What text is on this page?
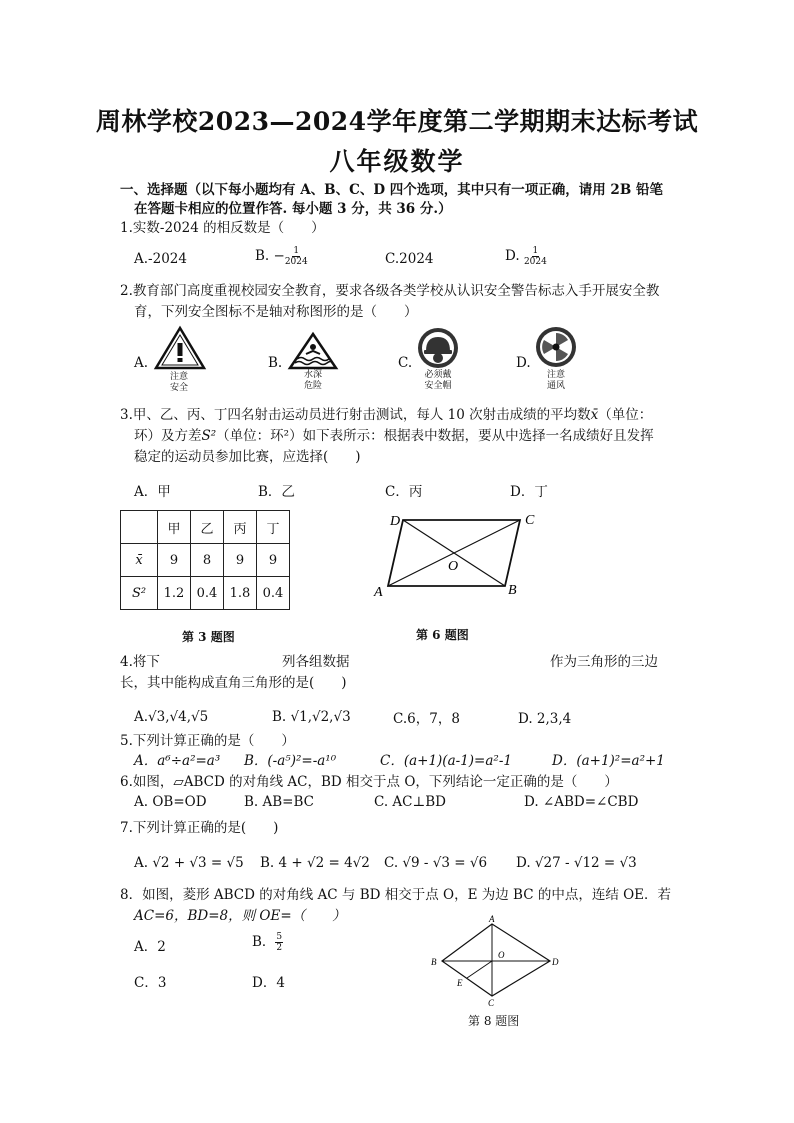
周林学校2023—2024学年度第二学期期末达标考试
八年级数学
一、选择题（以下每小题均有 A、B、C、D 四个选项，其中只有一项正确，请用 2B 铅笔
在答题卡相应的位置作答. 每小题 3 分，共 36 分.）
1.实数-2024 的相反数是（　　）
A.-2024	B. − $\frac{1}{2024}$	C.2024	D. $\frac{1}{2024}$
2.教育部门高度重视校园安全教育，要求各级各类学校从认识安全警告标志入手开展安全教
育，下列安全图标不是轴对称图形的是（　　）
A.
注意
安全
B.
水深
危险
C.
必须戴
安全帽
D.
注意
通风
3.甲、乙、丙、丁四名射击运动员进行射击测试，每人 10 次射击成绩的平均数x̄（单位：
环）及方差S²（单位：环²）如下表所示：根据表中数据，要从中选择一名成绩好且发挥
稳定的运动员参加比赛，应选择(　　)
A．甲	B．乙	C．丙	D．丁
	甲	乙	丙	丁
x̄	9	8	9	9
S²	1.2	0.4	1.8	0.4
第 3 题图
D	C
O
A	B
第 6 题图
4.将下	列各组数据	作为三角形的三边
长，其中能构成直角三角形的是(　　)
A.√3,√4,√5	B. √1,√2,√3	C.6，7，8	D. 2,3,4
5.下列计算正确的是（　　）
A．a⁶÷a²=a³ B．(-a⁵)²=-a¹⁰	C．(a+1)(a-1)=a²-1	D．(a+1)²=a²+1
6.如图，▱ABCD 的对角线 AC，BD 相交于点 O，下列结论一定正确的是（　　）
A. OB=OD	B. AB=BC	C. AC⊥BD	D. ∠ABD=∠CBD
7.下列计算正确的是(　　)
A. √2 + √3 = √5 B. 4 + √2 = 4√2 C. √9 - √3 = √6 D. √27 - √12 = √3
8．如图，菱形 ABCD 的对角线 AC 与 BD 相交于点 O，E 为边 BC 的中点，连结 OE．若
AC=6，BD=8，则 OE=（　　）
A．2	B． $\frac{5}{2}$
C．3	D．4
A
B
C
D
O
E
第 8 题图
